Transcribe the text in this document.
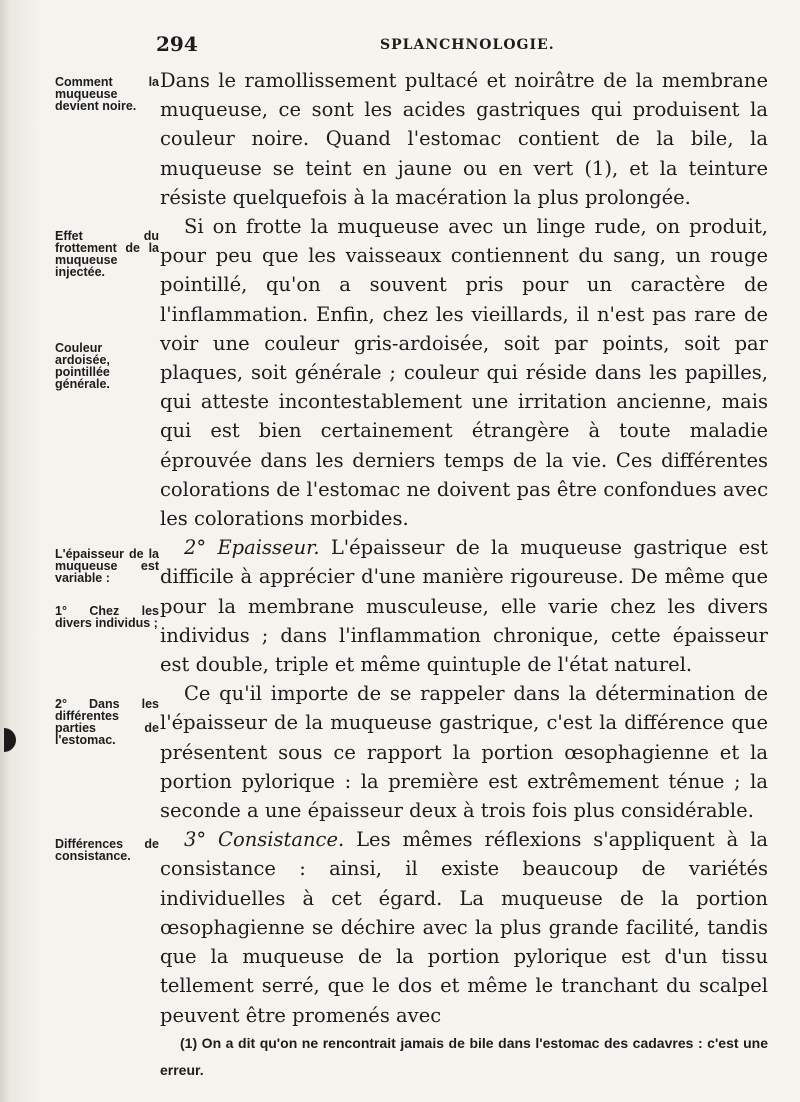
294	SPLANCHNOLOGIE.
Comment la muqueuse devient noire.
Effet du frottement de la muqueuse injectée.
Couleur ardoisée, pointillée générale.
L'épaisseur de la muqueuse est variable :
1° Chez les divers individus ;
2° Dans les différentes parties de l'estomac.
Différences de consistance.

Dans le ramollissement pultacé et noirâtre de la membrane muqueuse, ce sont les acides gastriques qui produisent la couleur noire. Quand l'estomac contient de la bile, la muqueuse se teint en jaune ou en vert (1), et la teinture résiste quelquefois à la macération la plus prolongée.

Si on frotte la muqueuse avec un linge rude, on produit, pour peu que les vaisseaux contiennent du sang, un rouge pointillé, qu'on a souvent pris pour un caractère de l'inflammation. Enfin, chez les vieillards, il n'est pas rare de voir une couleur gris-ardoisée, soit par points, soit par plaques, soit générale ; couleur qui réside dans les papilles, qui atteste incontestablement une irritation ancienne, mais qui est bien certainement étrangère à toute maladie éprouvée dans les derniers temps de la vie. Ces différentes colorations de l'estomac ne doivent pas être confondues avec les colorations morbides.

2° Epaisseur. L'épaisseur de la muqueuse gastrique est difficile à apprécier d'une manière rigoureuse. De même que pour la membrane musculeuse, elle varie chez les divers individus ; dans l'inflammation chronique, cette épaisseur est double, triple et même quintuple de l'état naturel.

Ce qu'il importe de se rappeler dans la détermination de l'épaisseur de la muqueuse gastrique, c'est la différence que présentent sous ce rapport la portion œsophagienne et la portion pylorique : la première est extrêmement ténue ; la seconde a une épaisseur deux à trois fois plus considérable.

3° Consistance. Les mêmes réflexions s'appliquent à la consistance : ainsi, il existe beaucoup de variétés individuelles à cet égard. La muqueuse de la portion œsophagienne se déchire avec la plus grande facilité, tandis que la muqueuse de la portion pylorique est d'un tissu tellement serré, que le dos et même le tranchant du scalpel peuvent être promenés avec

(1) On a dit qu'on ne rencontrait jamais de bile dans l'estomac des cadavres : c'est une erreur.
